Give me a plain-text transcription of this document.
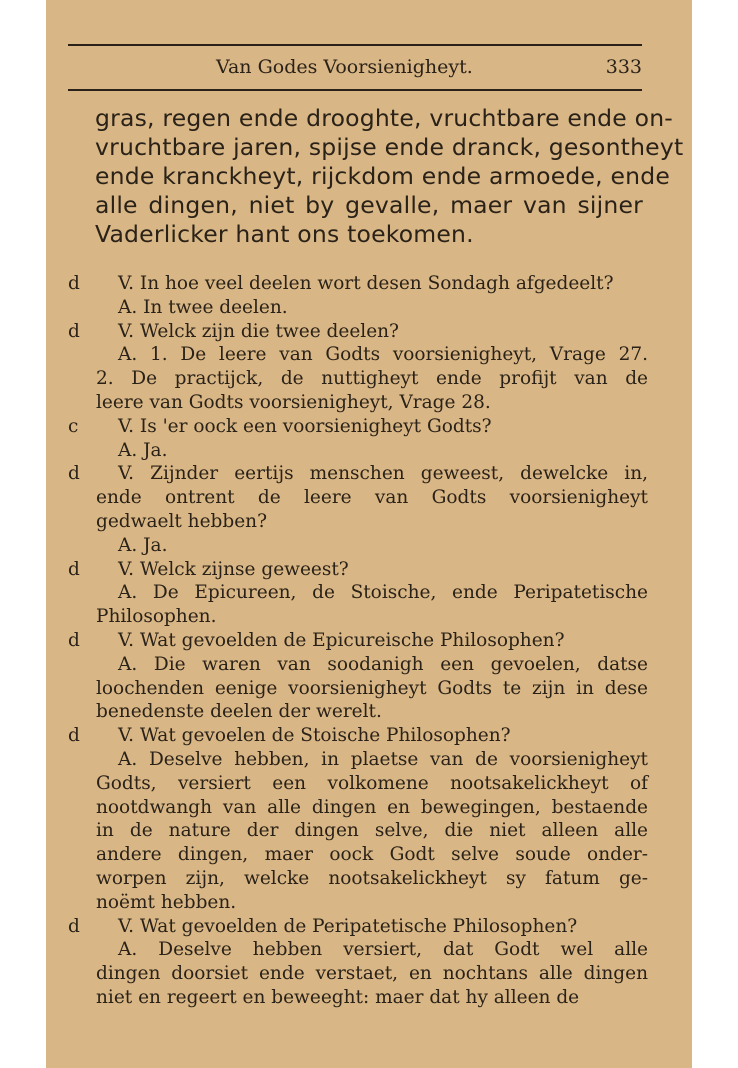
Van Godes Voorsienigheyt.	333
gras, regen ende drooghte, vruchtbare ende on-
vruchtbare jaren, spijse ende dranck, gesontheyt
ende kranckheyt, rijckdom ende armoede, ende
alle dingen, niet by gevalle, maer van sijner
Vaderlicker hant ons toekomen.
d	V. In hoe veel deelen wort desen Sondagh afgedeelt?
A. In twee deelen.
d	V. Welck zijn die twee deelen?
A. 1. De leere van Godts voorsienigheyt, Vrage 27.
2. De practijck, de nuttigheyt ende profijt van de
leere van Godts voorsienigheyt, Vrage 28.
c	V. Is 'er oock een voorsienigheyt Godts?
A. Ja.
d	V. Zijnder eertijs menschen geweest, dewelcke in,
ende ontrent de leere van Godts voorsienigheyt
gedwaelt hebben?
A. Ja.
d	V. Welck zijnse geweest?
A. De Epicureen, de Stoische, ende Peripatetische
Philosophen.
d	V. Wat gevoelden de Epicureische Philosophen?
A. Die waren van soodanigh een gevoelen, datse
loochenden eenige voorsienigheyt Godts te zijn in dese
benedenste deelen der werelt.
d	V. Wat gevoelen de Stoische Philosophen?
A. Deselve hebben, in plaetse van de voorsienigheyt
Godts, versiert een volkomene nootsakelickheyt of
nootdwangh van alle dingen en bewegingen, bestaende
in de nature der dingen selve, die niet alleen alle
andere dingen, maer oock Godt selve soude onder-
worpen zijn, welcke nootsakelickheyt sy fatum ge-
noëmt hebben.
d	V. Wat gevoelden de Peripatetische Philosophen?
A. Deselve hebben versiert, dat Godt wel alle
dingen doorsiet ende verstaet, en nochtans alle dingen
niet en regeert en beweeght: maer dat hy alleen de
